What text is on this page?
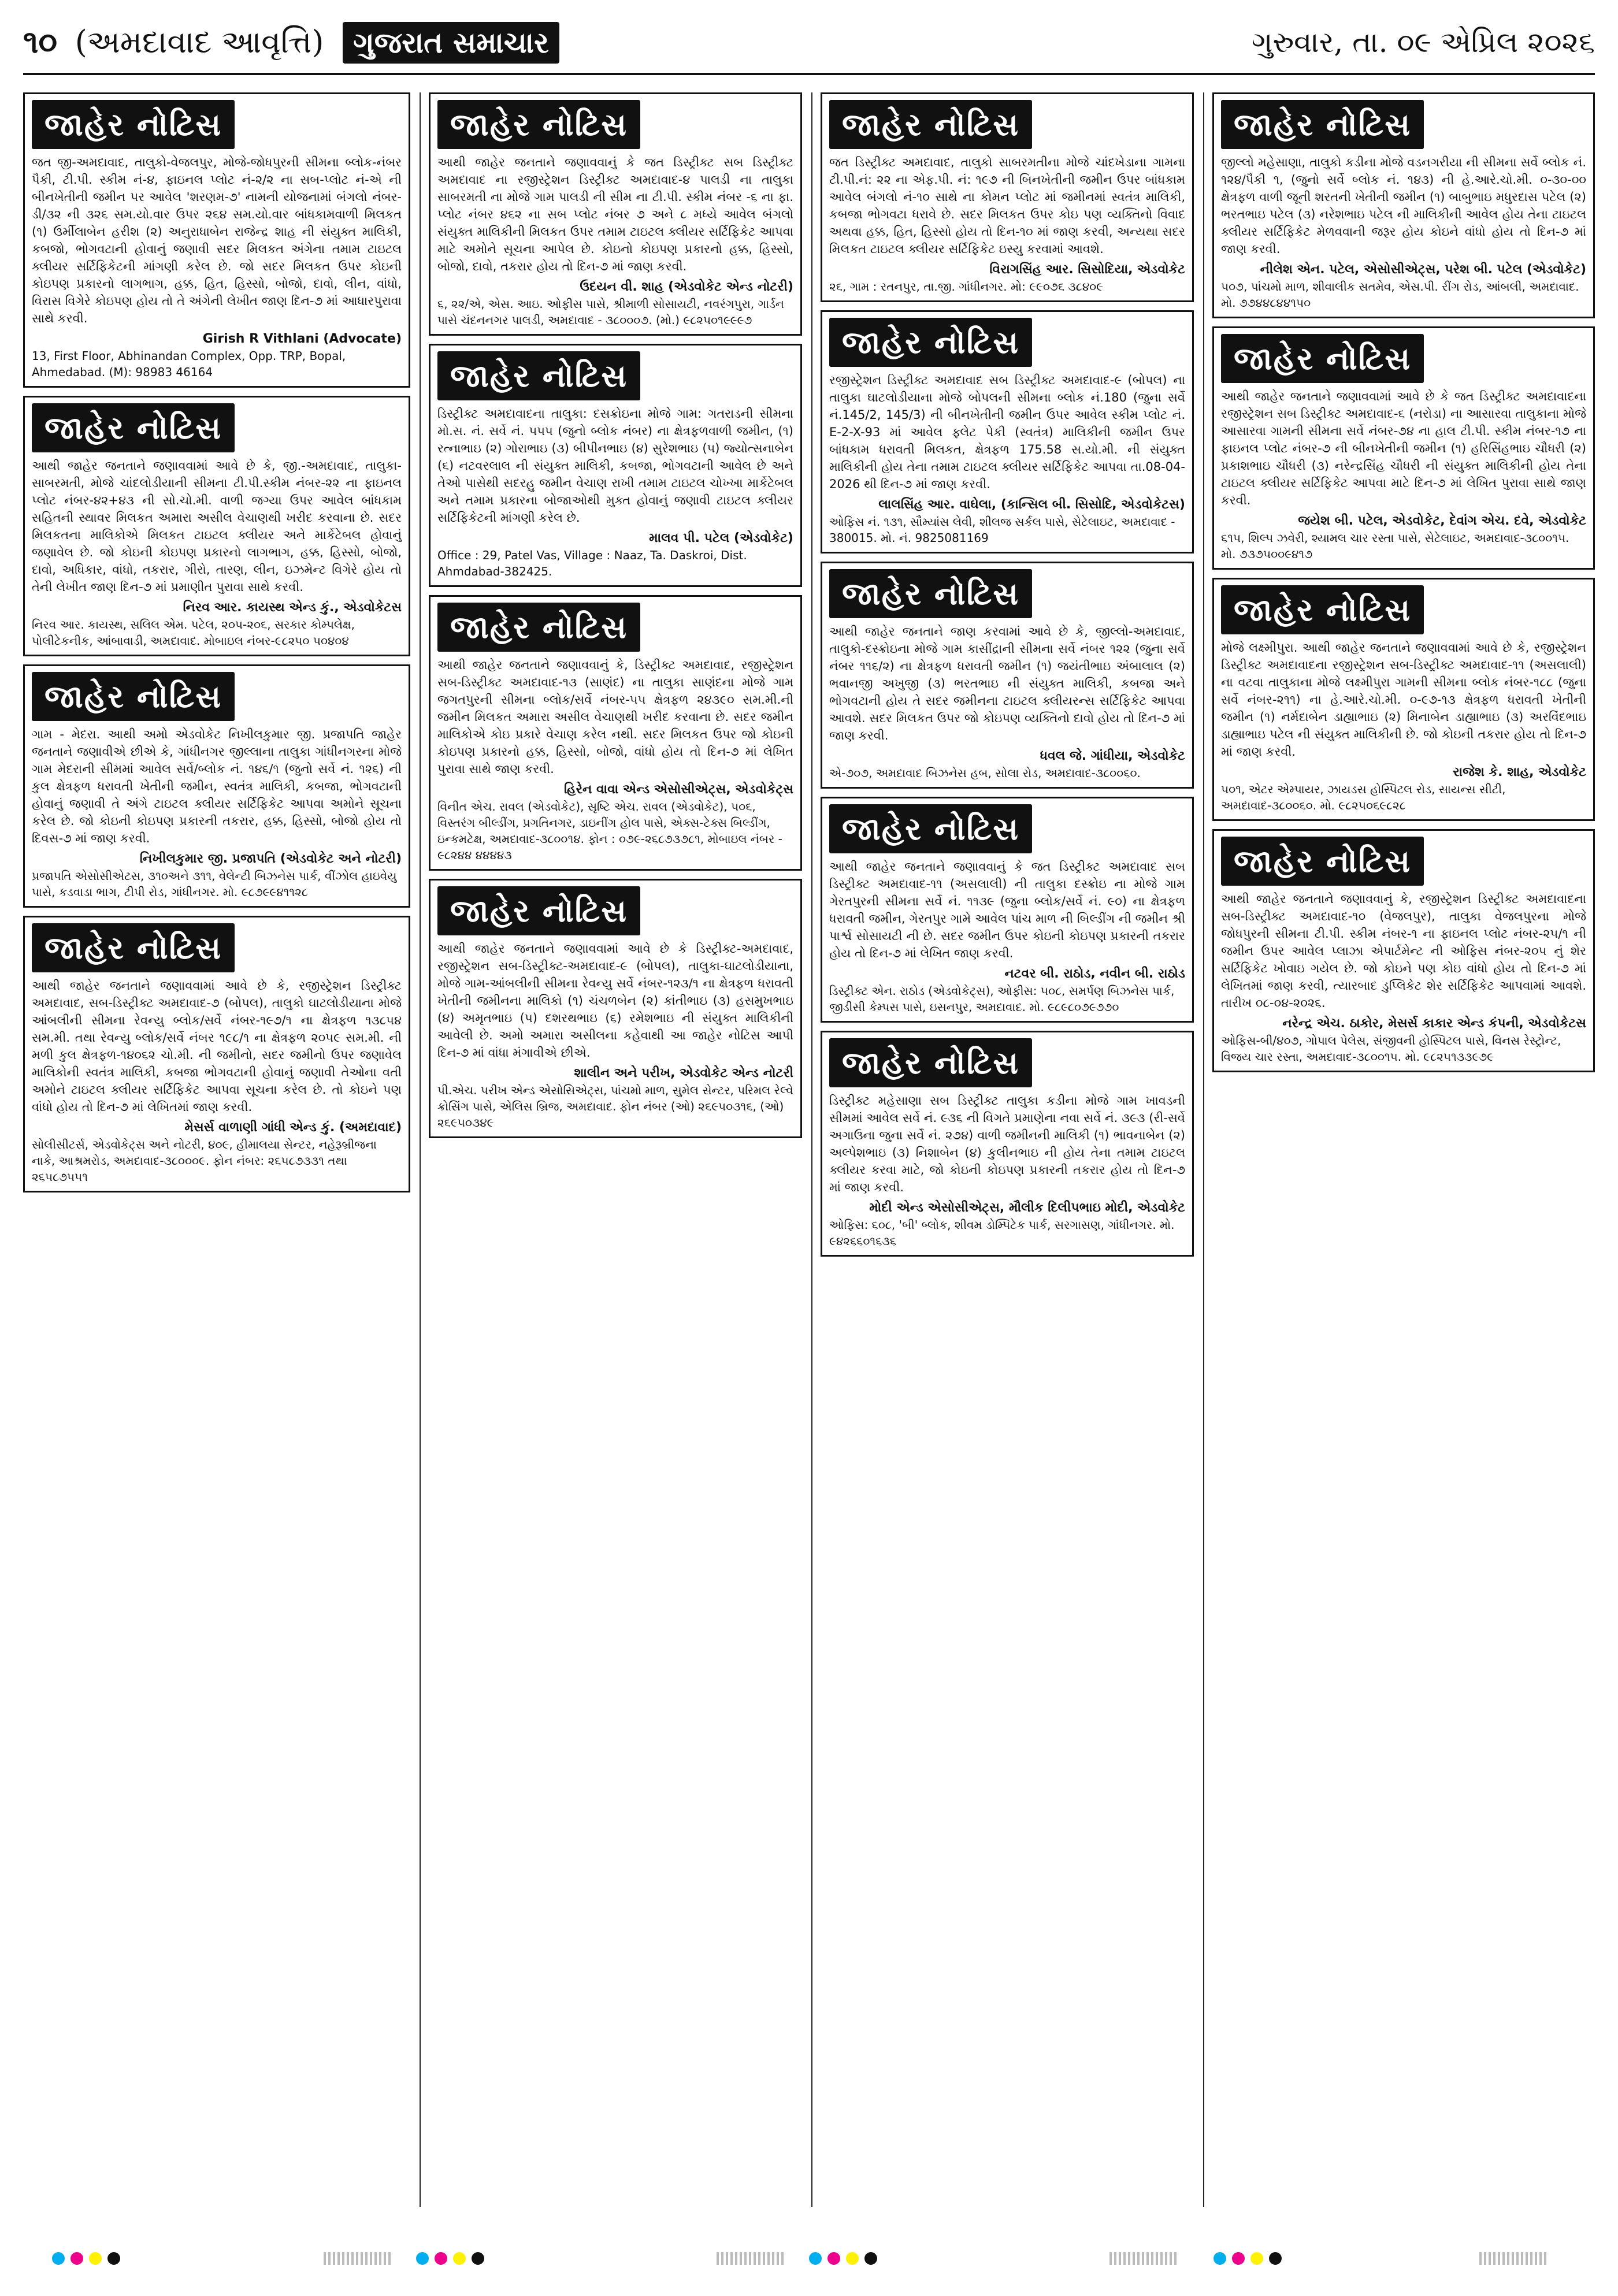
૧૦ (અમદાવાદ આવૃત્તિ) ગુજરાત સમાચાર	ગુરુવાર, તા. ૦૯ એપ્રિલ ૨૦૨૬
જાહેર નોટિસ
જત જી-અમદાવાદ, તાલુકો-વેજલપુર, મોજે-જોધપુરની સીમના બ્લોક-નંબર પૈકી, ટી.પી. સ્કીમ નં-૪, ફાઇનલ પ્લોટ નં-૨/૨ ના સબ-પ્લોટ નં-એ ની બીનખેતીની જમીન પર આવેલ 'શરણમ-૭' નામની યોજનામાં બંગલો નંબર-ડી/૩૨ ની ૩૨૬ સમ.યો.વાર ઉપર ૨૬૪ સમ.યો.વાર બાંધકામવાળી મિલકત (૧) ઉર્મીલાબેન હરીશ (૨) અનુરાધાબેન રાજેન્દ્ર શાહ ની સંયુક્ત માલિકી, કબજો, ભોગવટાની હોવાનું જણાવી સદર મિલકત અંગેના તમામ ટાઇટલ ક્લીયર સર્ટિફિકેટની માંગણી કરેલ છે. જો સદર મિલકત ઉપર કોઇની કોઇપણ પ્રકારનો લાગભાગ, હક્ક, હિત, હિસ્સો, બોજો, દાવો, લીન, વાંધો, વિરાસ વિગેરે કોઇપણ હોય તો તે અંગેની લેખીત જાણ દિન-૭ માં આધારપુરાવા સાથે કરવી.
Girish R Vithlani (Advocate)
13, First Floor, Abhinandan Complex, Opp. TRP, Bopal, Ahmedabad. (M): 98983 46164
જાહેર નોટિસ
આથી જાહેર જનતાને જણાવવામાં આવે છે કે, જી.-અમદાવાદ, તાલુકા-સાબરમતી, મોજે ચાંદલોડીયાની સીમના ટી.પી.સ્કીમ નંબર-૨૨ ના ફાઇનલ પ્લોટ નંબર-૪૨+૪૩ ની સો.ચો.મી. વાળી જગ્યા ઉપર આવેલ બાંધકામ સહિતની સ્થાવર મિલકત અમારા અસીલ વેચાણથી ખરીદ કરવાના છે. સદર મિલકતના માલિકોએ મિલકત ટાઇટલ ક્લીયર અને માર્કેટેબલ હોવાનું જણાવેલ છે. જો કોઇની કોઇપણ પ્રકારનો લાગભાગ, હક્ક, હિસ્સો, બોજો, દાવો, અધિકાર, વાંધો, તકરાર, ગીરો, તારણ, લીન, ઇઝમેન્ટ વિગેરે હોય તો તેની લેખીત જાણ દિન-૭ માં પ્રમાણીત પુરાવા સાથે કરવી.
નિરવ આર. કાયસ્થ એન્ડ કું., એડવોકેટસ
નિરવ આર. કાયસ્થ, સલિલ એમ. પટેલ, ૨૦૫-૨૦૬, સરકાર કોમ્પલેક્ષ, પોલીટેકનીક, આંબાવાડી, અમદાવાદ. મોબાઇલ નંબર-૯૮૨૫૦ ૫૦૪૦૪
જાહેર નોટિસ
ગામ - મેદરા. આથી અમો એડવોકેટ નિખીલકુમાર જી. પ્રજાપતિ જાહેર જનતાને જણાવીએ છીએ કે, ગાંધીનગર જીલ્લાના તાલુકા ગાંધીનગરના મોજે ગામ મેદરાની સીમમાં આવેલ સર્વે/બ્લોક નં. ૧૪૬/૧ (જુનો સર્વે નં. ૧૨૬) ની કુલ ક્ષેત્રફળ ધરાવતી ખેતીની જમીન, સ્વતંત્ર માલિકી, કબજા, ભોગવટાની હોવાનું જણાવી તે અંગે ટાઇટલ ક્લીયર સર્ટિફિકેટ આપવા અમોને સૂચના કરેલ છે. જો કોઇની કોઇપણ પ્રકારની તકરાર, હક્ક, હિસ્સો, બોજો હોય તો દિવસ-૭ માં જાણ કરવી.
નિખીલકુમાર જી. પ્રજાપતિ (એડવોકેટ અને નોટરી)
પ્રજાપતિ એસોસીએટસ, ૩૧૦અને ૩૧૧, વેલેન્ટી બિઝનેસ પાર્ક, વીંઝોલ હાઇવેયુ પાસે, કડવાડા ભાગ, ટીપી રોડ, ગાંધીનગર. મો. ૯૮૭૯૯૪૧૧૨૮
જાહેર નોટિસ
આથી જાહેર જનતાને જણાવવામાં આવે છે કે, રજીસ્ટ્રેશન ડિસ્ટ્રીક્ટ અમદાવાદ, સબ-ડિસ્ટ્રીક્ટ અમદાવાદ-૭ (બોપલ), તાલુકો ઘાટલોડીયાના મોજે આંબલીની સીમના રેવન્યુ બ્લોક/સર્વે નંબર-૧૯૭/૧ ના ક્ષેત્રફળ ૧૩૮૫૪ સમ.મી. તથા રેવન્યુ બ્લોક/સર્વે નંબર ૧૯૮/૧ ના ક્ષેત્રફળ ૨૦૫૯ સમ.મી. ની મળી કુલ ક્ષેત્રફળ-૧૪૦૬૨ ચો.મી. ની જમીનો, સદર જમીનો ઉપર જણાવેલ માલિકોની સ્વતંત્ર માલિકી, કબજા ભોગવટાની હોવાનું જણાવી તેઓના વતી અમોને ટાઇટલ ક્લીયર સર્ટિફિકેટ આપવા સૂચના કરેલ છે. તો કોઇને પણ વાંધો હોય તો દિન-૭ માં લેખિતમાં જાણ કરવી.
મેસર્સ વાળાણી ગાંધી એન્ડ કું. (અમદાવાદ)
સોલીસીટર્સ, એડવોકેટ્સ અને નોટરી, ૪૦૯, હીમાલયા સેન્ટર, નહેરૂબ્રીજના નાકે, આશ્રમરોડ, અમદાવાદ-૩૮૦૦૦૯. ફોન નંબર: ૨૬૫૮૭૩૩૧ તથા ૨૬૫૮૭૫૫૧
જાહેર નોટિસ
આથી જાહેર જનતાને જણાવવાનું કે જત ડિસ્ટ્રીક્ટ સબ ડિસ્ટ્રીક્ટ અમદાવાદ ના રજીસ્ટ્રેશન ડિસ્ટ્રીક્ટ અમદાવાદ-૪ પાલડી ના તાલુકા સાબરમતી ના મોજે ગામ પાલડી ની સીમ ના ટી.પી. સ્કીમ નંબર -૬ ના ફા. પ્લોટ નંબર ૪૬૨ ના સબ પ્લોટ નંબર ૭ અને ૮ મધ્યે આવેલ બંગલો સંયુક્ત માલિકીની મિલકત ઉપર તમામ ટાઇટલ ક્લીયર સર્ટિફિકેટ આપવા માટે અમોને સૂચના આપેલ છે. કોઇનો કોઇપણ પ્રકારનો હક્ક, હિસ્સો, બોજો, દાવો, તકરાર હોય તો દિન-૭ માં જાણ કરવી.
ઉદયન વી. શાહ (એડવોકેટ એન્ડ નોટરી)
૬, ૨૨/એ, એસ. આઇ. ઓફીસ પાસે, શ્રીમાળી સોસાયટી, નવરંગપુરા, ગાર્ડન પાસે ચંદનનગર પાલડી, અમદાવાદ - ૩૮૦૦૦૭. (મો.) ૯૮૨૫૦૧૯૯૯૭
જાહેર નોટિસ
ડિસ્ટ્રીક્ટ અમદાવાદના તાલુકા: દસક્રોઇના મોજે ગામ: ગતરાડની સીમના મો.સ. નં. સર્વે નં. ૫૫૫ (જુનો બ્લોક નંબર) ના ક્ષેત્રફળવાળી જમીન, (૧) રત્નાભાઇ (૨) ગોરાભાઇ (૩) બીપીનભાઇ (૪) સુરેશભાઇ (૫) જ્યોત્સનાબેન (૬) નટવરલાલ ની સંયુક્ત માલિકી, કબજા, ભોગવટાની આવેલ છે અને તેઓ પાસેથી સદરહુ જમીન વેચાણ રાખી તમામ ટાઇટલ ચોખ્ખા માર્કેટેબલ અને તમામ પ્રકારના બોજાઓથી મુક્ત હોવાનું જણાવી ટાઇટલ ક્લીયર સર્ટિફિકેટની માંગણી કરેલ છે.
માલવ પી. પટેલ (એડવોકેટ)
Office : 29, Patel Vas, Village : Naaz, Ta. Daskroi, Dist. Ahmdabad-382425.
જાહેર નોટિસ
આથી જાહેર જનતાને જણાવવાનું કે, ડિસ્ટ્રીક્ટ અમદાવાદ, રજીસ્ટ્રેશન સબ-ડિસ્ટ્રીક્ટ અમદાવાદ-૧૩ (સાણંદ) ના તાલુકા સાણંદના મોજે ગામ જગતપુરની સીમના બ્લોક/સર્વે નંબર-૫૫ ક્ષેત્રફળ ૨૪૩૯૦ સમ.મી.ની જમીન મિલકત અમારા અસીલ વેચાણથી ખરીદ કરવાના છે. સદર જમીન માલિકોએ કોઇ પ્રકારે વેચાણ કરેલ નથી. સદર મિલકત ઉપર જો કોઇની કોઇપણ પ્રકારનો હક્ક, હિસ્સો, બોજો, વાંધો હોય તો દિન-૭ માં લેખિત પુરાવા સાથે જાણ કરવી.
હિરેન વાવા એન્ડ એસોસીએટ્સ, એડવોકેટ્સ
વિનીત એચ. રાવલ (એડવોકેટ), સૃષ્ટિ એચ. રાવલ (એડવોકેટ), ૫૦૬, વિસ્તરંગ બીલ્ડીંગ, પ્રગતિનગર, ડાઇનીંગ હોલ પાસે, એક્સ-ટેક્સ બિલ્ડીંગ, ઇન્કમટેક્ષ, અમદાવાદ-૩૮૦૦૧૪. ફોન : ૦૭૯-૨૬૮૭૩૭૮૧, મોબાઇલ નંબર - ૯૮૨૪૪ ૪૪૪૪૩
જાહેર નોટિસ
આથી જાહેર જનતાને જણાવવામાં આવે છે કે ડિસ્ટ્રીક્ટ-અમદાવાદ, રજીસ્ટ્રેશન સબ-ડિસ્ટ્રીક્ટ-અમદાવાદ-૯ (બોપલ), તાલુકા-ઘાટલોડીયાના, મોજે ગામ-આંબલીની સીમના રેવન્યુ સર્વે નંબર-૧૨૩/૧ ના ક્ષેત્રફળ ધરાવતી ખેતીની જમીનના માલિકો (૧) ચંચળબેન (૨) કાંતીભાઇ (૩) હસમુખભાઇ (૪) અમૃતભાઇ (૫) દશરથભાઇ (૬) રમેશભાઇ ની સંયુક્ત માલિકીની આવેલી છે. અમો અમારા અસીલના કહેવાથી આ જાહેર નોટિસ આપી દિન-૭ માં વાંધા મંગાવીએ છીએ.
શાલીન અને પરીખ, એડવોકેટ એન્ડ નોટરી
પી.એચ. પરીખ એન્ડ એસોસિએટ્સ, પાંચમો માળ, સુમેલ સેન્ટર, પરિમલ રેલ્વે ક્રોસિંગ પાસે, એલિસ બ્રિજ, અમદાવાદ. ફોન નંબર (ઓ) ૨૬૯૫૦૩૧૬, (ઓ) ૨૬૯૫૦૩૪૯
જાહેર નોટિસ
જત ડિસ્ટ્રીક્ટ અમદાવાદ, તાલુકો સાબરમતીના મોજે ચાંદખેડાના ગામના ટી.પી.નં: ૨૨ ના એફ.પી. નં: ૧૯૭ ની બિનખેતીની જમીન ઉપર બાંધકામ આવેલ બંગલો નં-૧૦ સાથે ના કોમન પ્લોટ માં જમીનમાં સ્વતંત્ર માલિકી, કબજા ભોગવટા ધરાવે છે. સદર મિલકત ઉપર કોઇ પણ વ્યક્તિનો વિવાદ અથવા હક્ક, હિત, હિસ્સો હોય તો દિન-૧૦ માં જાણ કરવી, અન્યથા સદર મિલકત ટાઇટલ ક્લીયર સર્ટિફિકેટ ઇસ્યુ કરવામાં આવશે.
વિરાગસિંહ આર. સિસોદિયા, એડવોકેટ
૨૬, ગામ : રતનપુર, તા.જી. ગાંધીનગર. મો: ૯૯૦૭૬ ૩૮૪૦૯
જાહેર નોટિસ
રજીસ્ટ્રેશન ડિસ્ટ્રીક્ટ અમદાવાદ સબ ડિસ્ટ્રીક્ટ અમદાવાદ-૯ (બોપલ) ના તાલુકા ઘાટલોડીયાના મોજે બોપલની સીમના બ્લોક નં.180 (જુના સર્વે નં.145/2, 145/3) ની બીનખેતીની જમીન ઉપર આવેલ સ્કીમ પ્લોટ નં. E-2-X-93 માં આવેલ ફ્લેટ પેકી (સ્વતંત્ર) માલિકીની જમીન ઉપર બાંધકામ ધરાવતી મિલકત, ક્ષેત્રફળ 175.58 સ.યો.મી. ની સંયુક્ત માલિકીની હોય તેના તમામ ટાઇટલ ક્લીયર સર્ટિફિકેટ આપવા તા.08-04-2026 થી દિન-૭ માં જાણ કરવી.
લાલસિંહ આર. વાઘેલા, (કાન્સિલ બી. સિસોદિ, એડવોકેટસ)
ઓફિસ નં. ૧૩૧, સૌમ્યાંસ લેવી, શીલજ સર્કલ પાસે, સેટેલાઇટ, અમદાવાદ - 380015. મો. નં. 9825081169
જાહેર નોટિસ
આથી જાહેર જનતાને જાણ કરવામાં આવે છે કે, જીલ્લો-અમદાવાદ, તાલુકો-દસ્ક્રોઇના મોજે ગામ કાસીંદ્રાની સીમના સર્વે નંબર ૧૨૨ (જુના સર્વે નંબર ૧૧૬/૨) ના ક્ષેત્રફળ ધરાવતી જમીન (૧) જયંતીભાઇ અંબાલાલ (૨) ભવાનજી અખુજી (૩) ભરતભાઇ ની સંયુક્ત માલિકી, કબજા અને ભોગવટાની હોય તે સદર જમીનના ટાઇટલ ક્લીયરન્સ સર્ટિફિકેટ આપવા આવશે. સદર મિલકત ઉપર જો કોઇપણ વ્યક્તિનો દાવો હોય તો દિન-૭ માં જાણ કરવી.
ધવલ જે. ગાંધીયા, એડવોકેટ
એ-૭૦૭, અમદાવાદ બિઝનેસ હબ, સોલા રોડ, અમદાવાદ-૩૮૦૦૬૦.
જાહેર નોટિસ
આથી જાહેર જનતાને જણાવવાનું કે જત ડિસ્ટ્રીક્ટ અમદાવાદ સબ ડિસ્ટ્રીક્ટ અમદાવાદ-૧૧ (અસલાલી) ની તાલુકા દસ્ક્રોઇ ના મોજે ગામ ગેરતપુરની સીમના સર્વે નં. ૧૧૩૯ (જુના બ્લોક/સર્વે નં. ૯૦) ના ક્ષેત્રફળ ધરાવતી જમીન, ગેરતપુર ગામે આવેલ પાંચ માળ ની બિલ્ડીંગ ની જમીન શ્રી પાર્શ્વ સોસાયટી ની છે. સદર જમીન ઉપર કોઇની કોઇપણ પ્રકારની તકરાર હોય તો દિન-૭ માં લેખિત જાણ કરવી.
નટવર બી. રાઠોડ, નવીન બી. રાઠોડ
ડિસ્ટ્રીક્ટ એન. રાઠોડ (એડવોકેટ્સ), ઓફીસ: ૫૦૮, સમર્પણ બિઝનેસ પાર્ક, જીડીસી કેમ્પસ પાસે, ઇસનપુર, અમદાવાદ. મો. ૯૮૯૮૦૭૯૭૭૦
જાહેર નોટિસ
ડિસ્ટ્રીક્ટ મહેસાણા સબ ડિસ્ટ્રીક્ટ તાલુકા કડીના મોજે ગામ ખાવડની સીમમાં આવેલ સર્વે નં. ૯૩૬ ની વિગતે પ્રમાણેના નવા સર્વે નં. ૩૯૩ (રી-સર્વે અગાઉના જુના સર્વે નં. ૨૭૪) વાળી જમીનની માલિકી (૧) ભાવનાબેન (૨) અલ્પેશભાઇ (૩) નિશાબેન (૪) કુલીનભાઇ ની હોય તેના તમામ ટાઇટલ ક્લીયર કરવા માટે, જો કોઇની કોઇપણ પ્રકારની તકરાર હોય તો દિન-૭ માં જાણ કરવી.
મોદી એન્ડ એસોસીએટ્સ, મૌલીક દિલીપભાઇ મોદી, એડવોકેટ
ઓફિસ: ૬૦૮, 'બી' બ્લોક, શીવમ ડોમ્પિટેક પાર્ક, સરગાસણ, ગાંધીનગર. મો. ૯૪૨૬૬૦૧૬૩૬
જાહેર નોટિસ
જીલ્લો મહેસાણા, તાલુકો કડીના મોજે વડનગરીયા ની સીમના સર્વે બ્લોક નં. ૧૨૪/પૈકી ૧, (જુનો સર્વે બ્લોક નં. ૧૪૩) ની હે.આરે.ચો.મી. ૦-૩૦-૦૦ ક્ષેત્રફળ વાળી જૂની શરતની ખેતીની જમીન (૧) બાબુભાઇ મધુરદાસ પટેલ (૨) ભરતભાઇ પટેલ (૩) નરેશભાઇ પટેલ ની માલિકીની આવેલ હોય તેના ટાઇટલ ક્લીયર સર્ટિફિકેટ મેળવવાની જરૂર હોય કોઇને વાંધો હોય તો દિન-૭ માં જાણ કરવી.
નીલેશ એન. પટેલ, એસોસીએટ્સ, પરેશ બી. પટેલ (એડવોકેટ)
૫૦૭, પાંચમો માળ, શીવાલીક સતમેવ, એસ.પી. રીંગ રોડ, આંબલી, અમદાવાદ. મો. ૭૭૪૪૮૪૪૧૫૦
જાહેર નોટિસ
આથી જાહેર જનતાને જણાવવામાં આવે છે કે જત ડિસ્ટ્રીક્ટ અમદાવાદના રજીસ્ટ્રેશન સબ ડિસ્ટ્રીક્ટ અમદાવાદ-૬ (નરોડા) ના આસારવા તાલુકાના મોજે આસારવા ગામની સીમના સર્વે નંબર-૭૪ ના હાલ ટી.પી. સ્કીમ નંબર-૧૭ ના ફાઇનલ પ્લોટ નંબર-૭ ની બીનખેતીની જમીન (૧) હરિસિંહભાઇ ચૌધરી (૨) પ્રકાશભાઇ ચૌધરી (૩) નરેન્દ્રસિંહ ચૌધરી ની સંયુક્ત માલિકીની હોય તેના ટાઇટલ ક્લીયર સર્ટિફિકેટ આપવા માટે દિન-૭ માં લેખિત પુરાવા સાથે જાણ કરવી.
જયેશ બી. પટેલ, એડવોકેટ, દેવાંગ એચ. દવે, એડવોકેટ
૬૧૫, શિલ્પ ઝવેરી, શ્યામલ ચાર રસ્તા પાસે, સેટેલાઇટ, અમદાવાદ-૩૮૦૦૧૫. મો. ૭૩૭૫૦૦૯૪૧૭
જાહેર નોટિસ
મોજે લક્ષ્મીપુરા. આથી જાહેર જનતાને જણાવવામાં આવે છે કે, રજીસ્ટ્રેશન ડિસ્ટ્રીક્ટ અમદાવાદના રજીસ્ટ્રેશન સબ-ડિસ્ટ્રીક્ટ અમદાવાદ-૧૧ (અસલાલી) ના વટવા તાલુકાના મોજે લક્ષ્મીપુરા ગામની સીમના બ્લોક નંબર-૧૮૮ (જુના સર્વે નંબર-૨૧૧) ના હે.આરે.ચો.મી. ૦-૯૭-૧૩ ક્ષેત્રફળ ધરાવતી ખેતીની જમીન (૧) નર્મદાબેન ડાહ્યાભાઇ (૨) મિનાબેન ડાહ્યાભાઇ (૩) અરવિંદભાઇ ડાહ્યાભાઇ પટેલ ની સંયુક્ત માલિકીની છે. જો કોઇની તકરાર હોય તો દિન-૭ માં જાણ કરવી.
રાજેશ કે. શાહ, એડવોકેટ
૫૦૧, એટર એમ્પાયર, ઝાયડસ હોસ્પિટલ રોડ, સાયન્સ સીટી, અમદાવાદ-૩૮૦૦૬૦. મો. ૯૮૨૫૦૬૯૮૨૮
જાહેર નોટિસ
આથી જાહેર જનતાને જણાવવાનું કે, રજીસ્ટ્રેશન ડિસ્ટ્રીક્ટ અમદાવાદના સબ-ડિસ્ટ્રીક્ટ અમદાવાદ-૧૦ (વેજલપુર), તાલુકા વેજલપુરના મોજે જોધપુરની સીમના ટી.પી. સ્કીમ નંબર-૧ ના ફાઇનલ પ્લોટ નંબર-૨૫/૧ ની જમીન ઉપર આવેલ પ્લાઝા એપાર્ટમેન્ટ ની ઓફિસ નંબર-૨૦૫ નું શેર સર્ટિફિકેટ ખોવાઇ ગયેલ છે. જો કોઇને પણ કોઇ વાંધો હોય તો દિન-૭ માં લેખિતમાં જાણ કરવી, ત્યારબાદ ડુપ્લિકેટ શેર સર્ટિફિકેટ આપવામાં આવશે. તારીખ ૦૮-૦૪-૨૦૨૬.
નરેન્દ્ર એચ. ઠાકોર, મેસર્સ કાકાર એન્ડ કંપની, એડવોકેટસ
ઓફિસ-બી/૪૦૭, ગોપાલ પેલેસ, સંજીવની હોસ્પિટલ પાસે, વિનસ રેસ્ટ્રોન્ટ, વિજય ચાર રસ્તા, અમદાવાદ-૩૮૦૦૧૫. મો. ૯૮૨૫૧૩૩૯૭૯
